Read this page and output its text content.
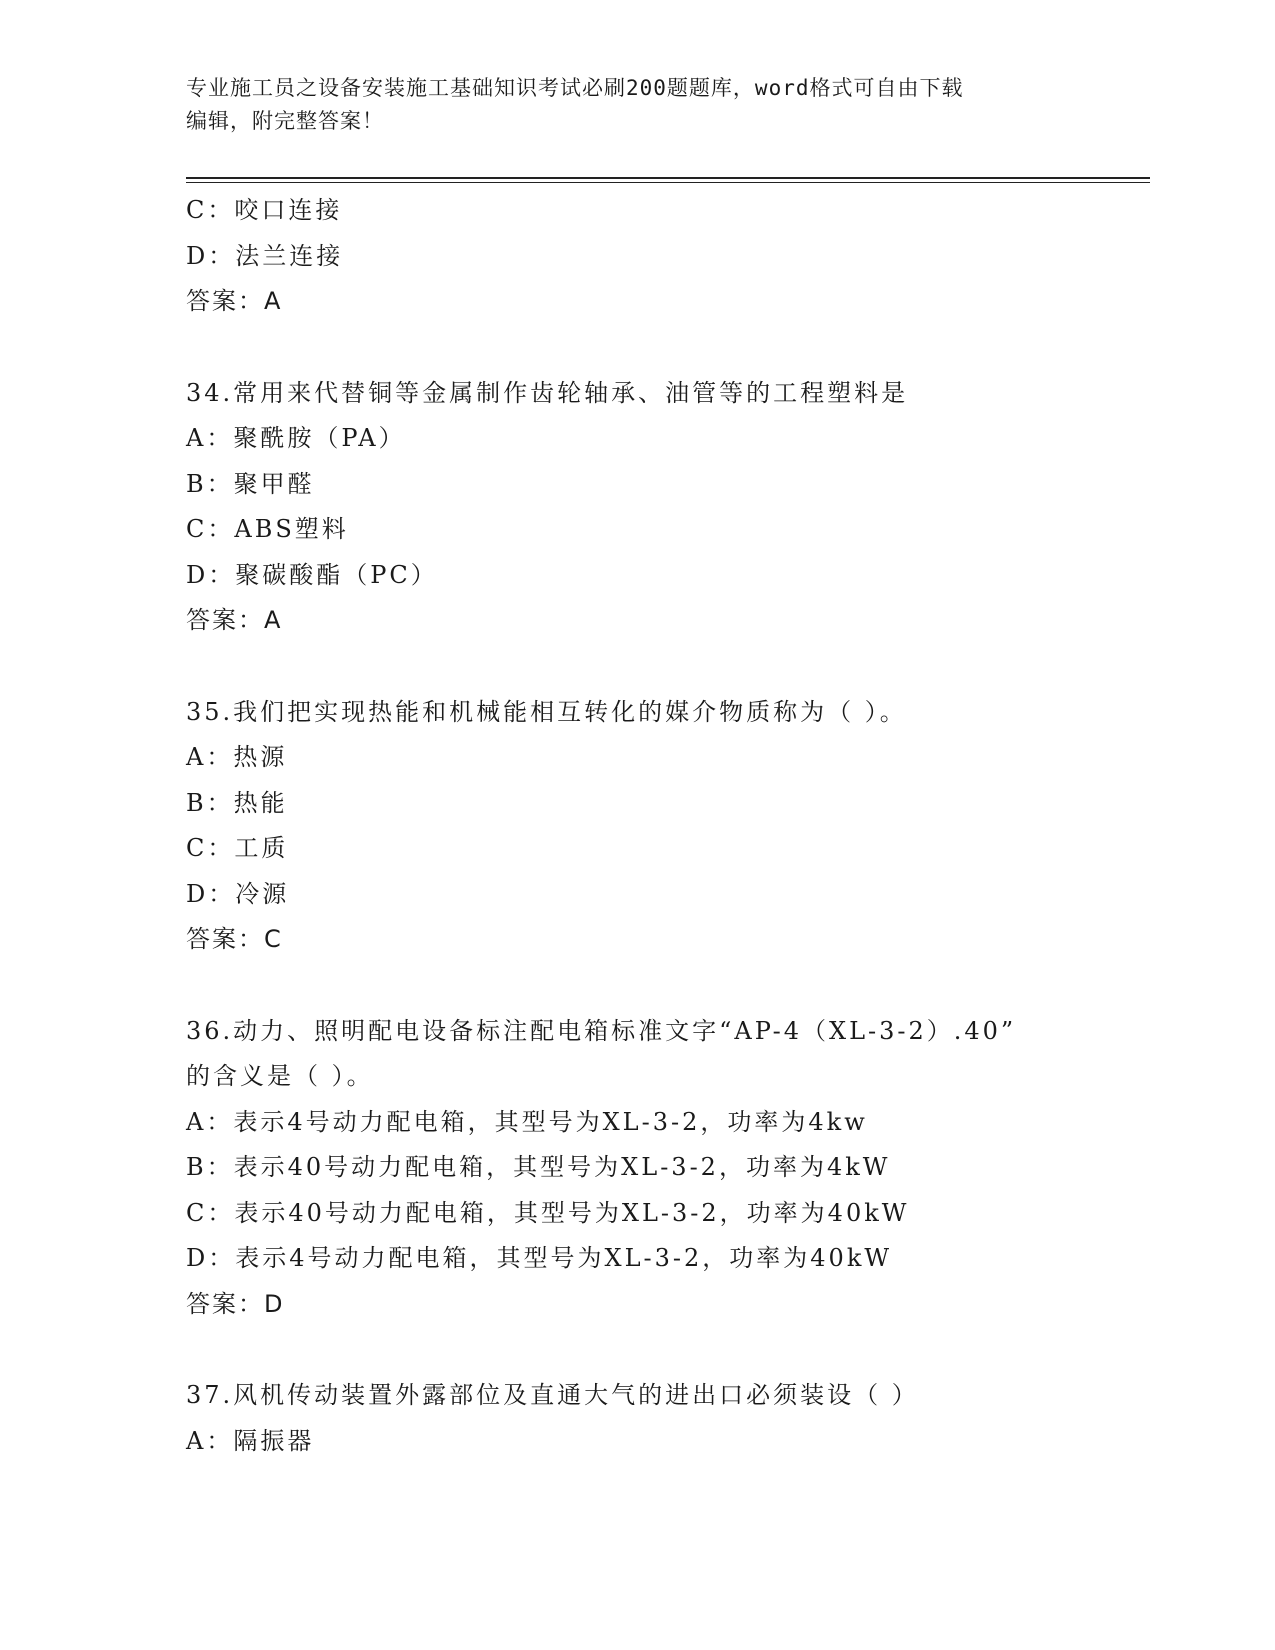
专业施工员之设备安装施工基础知识考试必刷200题题库，word格式可自由下载
编辑，附完整答案！
C：咬口连接
D：法兰连接
答案：A
34.常用来代替铜等金属制作齿轮轴承、油管等的工程塑料是
A：聚酰胺（PA）
B：聚甲醛
C：ABS塑料
D：聚碳酸酯（PC）
答案：A
35.我们把实现热能和机械能相互转化的媒介物质称为（ ）。
A：热源
B：热能
C：工质
D：冷源
答案：C
36.动力、照明配电设备标注配电箱标准文字“AP-4（XL-3-2）.40”
的含义是（ ）。
A：表示4号动力配电箱，其型号为XL-3-2，功率为4kw
B：表示40号动力配电箱，其型号为XL-3-2，功率为4kW
C：表示40号动力配电箱，其型号为XL-3-2，功率为40kW
D：表示4号动力配电箱，其型号为XL-3-2，功率为40kW
答案：D
37.风机传动装置外露部位及直通大气的进出口必须装设（ ）
A：隔振器
